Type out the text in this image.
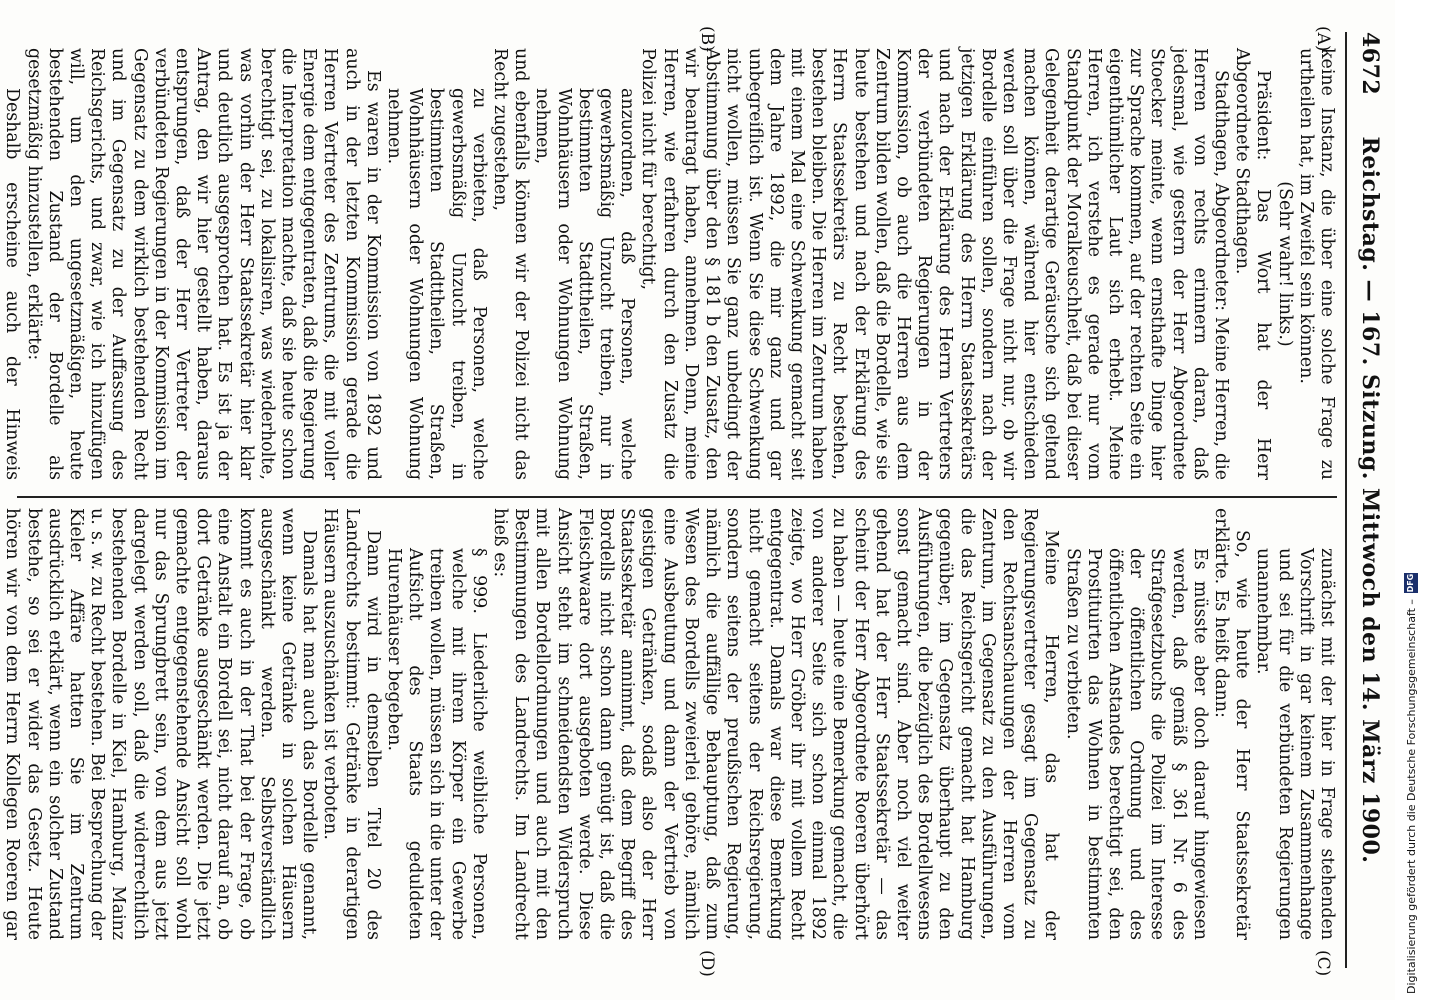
4672
Reichstag. — 167. Sitzung. Mittwoch den 14. März 1900.
(A)
(B)
(C)
(D)

keine Instanz, die über eine solche Frage zu urtheilen hat, im Zweifel sein können.

(Sehr wahr! links.)

Präsident: Das Wort hat der Herr Abgeordnete Stadthagen.

Stadthagen, Abgeordneter: Meine Herren, die Herren von rechts erinnern daran, daß jedesmal, wie gestern der Herr Abgeordnete Stoecker meinte, wenn ernsthafte Dinge hier zur Sprache kommen, auf der rechten Seite ein eigenthümlicher Laut sich erhebt. Meine Herren, ich verstehe es gerade nur vom Standpunkt der Moralkeuschheit, daß bei dieser Gelegenheit derartige Geräusche sich geltend machen können, während hier entschieden werden soll über die Frage nicht nur, ob wir Bordelle einführen sollen, sondern nach der jetzigen Erklärung des Herrn Staatssekretärs und nach der Erklärung des Herrn Vertreters der verbündeten Regierungen in der Kommission, ob auch die Herren aus dem Zentrum bilden wollen, daß die Bordelle, wie sie heute bestehen und nach der Erklärung des Herrn Staatssekretärs zu Recht bestehen, bestehen bleiben. Die Herren im Zentrum haben mit einem Mal eine Schwenkung gemacht seit dem Jahre 1892, die mir ganz und gar unbegreiflich ist. Wenn Sie diese Schwenkung nicht wollen, müssen Sie ganz unbedingt der Abstimmung über den § 181 b den Zusatz, den wir beantragt haben, annehmen. Denn, meine Herren, wie erfahren durch den Zusatz die Polizei nicht für berechtigt,

anzuordnen, daß Personen, welche gewerbsmäßig Unzucht treiben, nur in bestimmten Stadttheilen, Straßen, Wohnhäusern oder Wohnungen Wohnung nehmen,

und ebenfalls können wir der Polizei nicht das Recht zugestehen,

zu verbieten, daß Personen, welche gewerbsmäßig Unzucht treiben, in bestimmten Stadttheilen, Straßen, Wohnhäusern oder Wohnungen Wohnung nehmen.

Es waren in der Kommission von 1892 und auch in der letzten Kommission gerade die Herren Vertreter des Zentrums, die mit voller Energie dem entgegentraten, daß die Regierung die Interpretation machte, daß sie heute schon berechtigt sei, zu lokalisiren, was wiederholte, was vorhin der Herr Staatssekretär hier klar und deutlich ausgesprochen hat. Es ist ja der Antrag, den wir hier gestellt haben, daraus entsprungen, daß der Herr Vertreter der verbündeten Regierungen in der Kommission im Gegensatz zu dem wirklich bestehenden Recht und im Gegensatz zu der Auffassung des Reichsgerichts, und zwar, wie ich hinzufügen will, um den ungesetzmäßigen, heute bestehenden Zustand der Bordelle als gesetzmäßig hinzustellen, erklärte:

Deshalb erscheine auch der Hinweis

zunächst mit der hier in Frage stehenden Vorschrift in gar keinem Zusammenhange und sei für die verbündeten Regierungen unannehmbar.

So, wie heute der Herr Staatssekretär erklärte. Es heißt dann:

Es müsste aber doch darauf hingewiesen werden, daß gemäß § 361 Nr. 6 des Strafgesetzbuchs die Polizei im Interesse der öffentlichen Ordnung und des öffentlichen Anstandes berechtigt sei, den Prostituirten das Wohnen in bestimmten Straßen zu verbieten.

Meine Herren, das hat der Regierungsvertreter gesagt im Gegensatz zu den Rechtsanschauungen der Herren vom Zentrum, im Gegensatz zu den Ausführungen, die das Reichsgericht gemacht hat Hamburg gegenüber, im Gegensatz überhaupt zu den Ausführungen, die bezüglich des Bordellwesens sonst gemacht sind. Aber noch viel weiter gehend hat der Herr Staatssekretär — das scheint der Herr Abgeordnete Roeren überhört zu haben — heute eine Bemerkung gemacht, die von anderer Seite sich schon einmal 1892 zeigte, wo Herr Gröber ihr mit vollem Recht entgegentrat. Damals war diese Bemerkung nicht gemacht seitens der Reichsregierung, sondern seitens der preußischen Regierung, nämlich die auffällige Behauptung, daß zum Wesen des Bordells zweierlei gehöre, nämlich eine Ausbeutung und dann der Vertrieb von geistigen Getränken, sodaß also der Herr Staatssekretär annimmt, daß dem Begriff des Bordells nicht schon dann genügt ist, daß die Fleischwaare dort ausgeboten werde. Diese Ansicht steht im schneidendsten Widerspruch mit allen Bordellordnungen und auch mit den Bestimmungen des Landrechts. Im Landrecht hieß es:

§ 999. Liederliche weibliche Personen, welche mit ihrem Körper ein Gewerbe treiben wollen, müssen sich in die unter der Aufsicht des Staats geduldeten Hurenhäuser begeben.

Dann wird in demselben Titel 20 des Landrechts bestimmt: Getränke in derartigen Häusern auszuschänken ist verboten.

Damals hat man auch das Bordelle genannt, wenn keine Getränke in solchen Häusern ausgeschänkt werden. Selbstverständlich kommt es auch in der That bei der Frage, ob eine Anstalt ein Bordell sei, nicht darauf an, ob dort Getränke ausgeschänkt werden. Die jetzt gemachte entgegenstehende Ansicht soll wohl nur das Sprungbrett sein, von dem aus jetzt dargelegt werden soll, daß die widerrechtlich bestehenden Bordelle in Kiel, Hamburg, Mainz u. s. w. zu Recht bestehen. Bei Besprechung der Kieler Affäre hatten Sie im Zentrum ausdrücklich erklärt, wenn ein solcher Zustand bestehe, so sei er wider das Gesetz. Heute hören wir von dem Herrn Kollegen Roeren gar	Digitalisierung gefördert durch die Deutsche Forschungsgemeinschaft –
DFG
